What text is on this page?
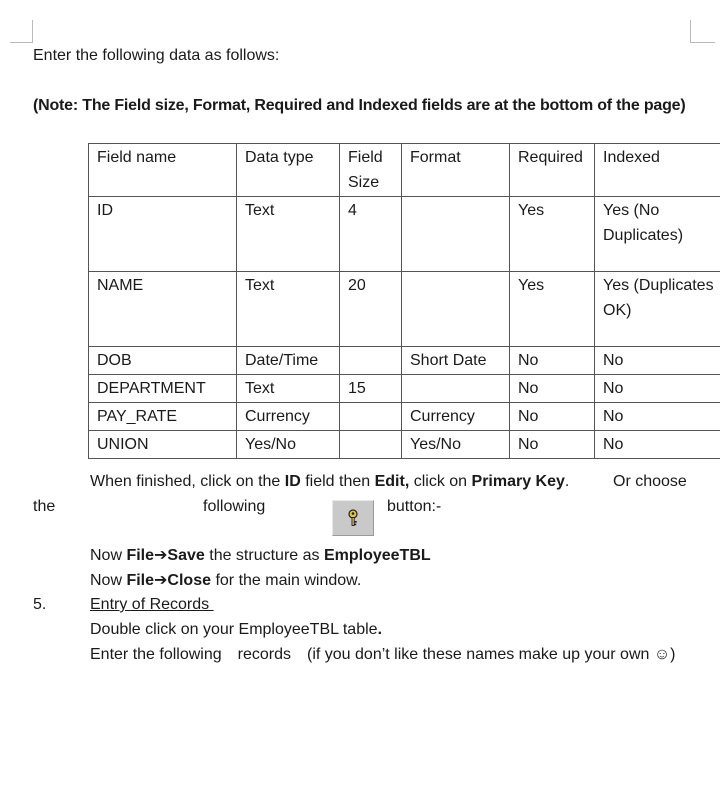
Enter the following data as follows:
(Note: The Field size, Format, Required and Indexed fields are at the bottom of the page)
Field name	Data type	Field Size	Format	Required	Indexed
ID	Text	4		Yes	Yes (No Duplicates)
NAME	Text	20		Yes	Yes (Duplicates OK)
DOB	Date/Time		Short Date	No	No
DEPARTMENT	Text	15		No	No
PAY_RATE	Currency		Currency	No	No
UNION	Yes/No		Yes/No	No	No
When finished, click on the ID field then Edit, click on Primary Key.	Or choose
the	following	button:-
Now File➔Save the structure as EmployeeTBL
Now File➔Close for the main window.
5.	Entry of Records
Double click on your EmployeeTBL table.
Enter the following records (if you don’t like these names make up your own ☺)
